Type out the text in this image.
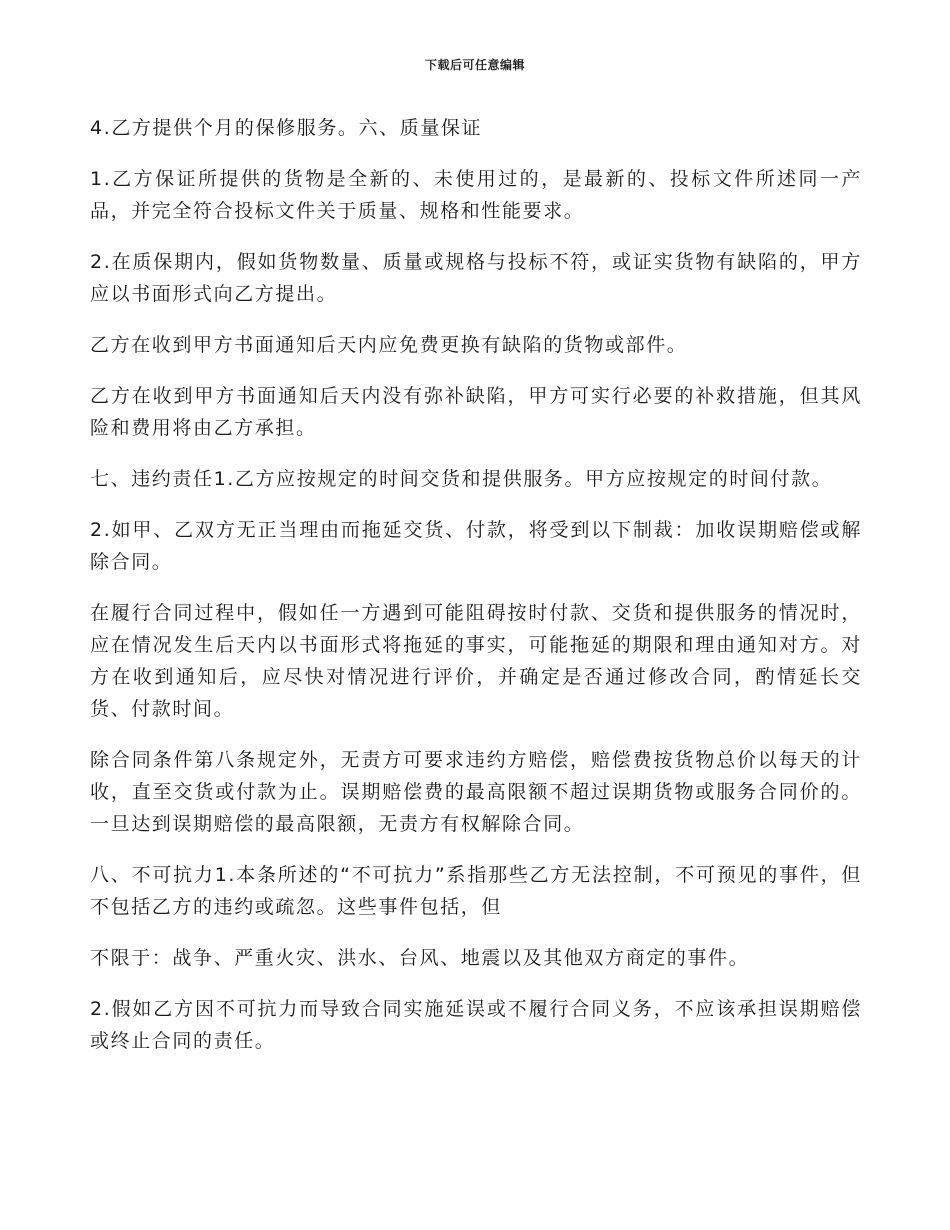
下载后可任意编辑

4.乙方提供个月的保修服务。六、质量保证

1.乙方保证所提供的货物是全新的、未使用过的，是最新的、投标文件所述同一产品，并完全符合投标文件关于质量、规格和性能要求。

2.在质保期内，假如货物数量、质量或规格与投标不符，或证实货物有缺陷的，甲方应以书面形式向乙方提出。

乙方在收到甲方书面通知后天内应免费更换有缺陷的货物或部件。

乙方在收到甲方书面通知后天内没有弥补缺陷，甲方可实行必要的补救措施，但其风险和费用将由乙方承担。

七、违约责任1.乙方应按规定的时间交货和提供服务。甲方应按规定的时间付款。

2.如甲、乙双方无正当理由而拖延交货、付款，将受到以下制裁：加收误期赔偿或解除合同。

在履行合同过程中，假如任一方遇到可能阻碍按时付款、交货和提供服务的情况时，应在情况发生后天内以书面形式将拖延的事实，可能拖延的期限和理由通知对方。对方在收到通知后，应尽快对情况进行评价，并确定是否通过修改合同，酌情延长交货、付款时间。

除合同条件第八条规定外，无责方可要求违约方赔偿，赔偿费按货物总价以每天的计收，直至交货或付款为止。误期赔偿费的最高限额不超过误期货物或服务合同价的。一旦达到误期赔偿的最高限额，无责方有权解除合同。

八、不可抗力1.本条所述的“不可抗力”系指那些乙方无法控制，不可预见的事件，但不包括乙方的违约或疏忽。这些事件包括，但

不限于：战争、严重火灾、洪水、台风、地震以及其他双方商定的事件。

2.假如乙方因不可抗力而导致合同实施延误或不履行合同义务，不应该承担误期赔偿或终止合同的责任。
